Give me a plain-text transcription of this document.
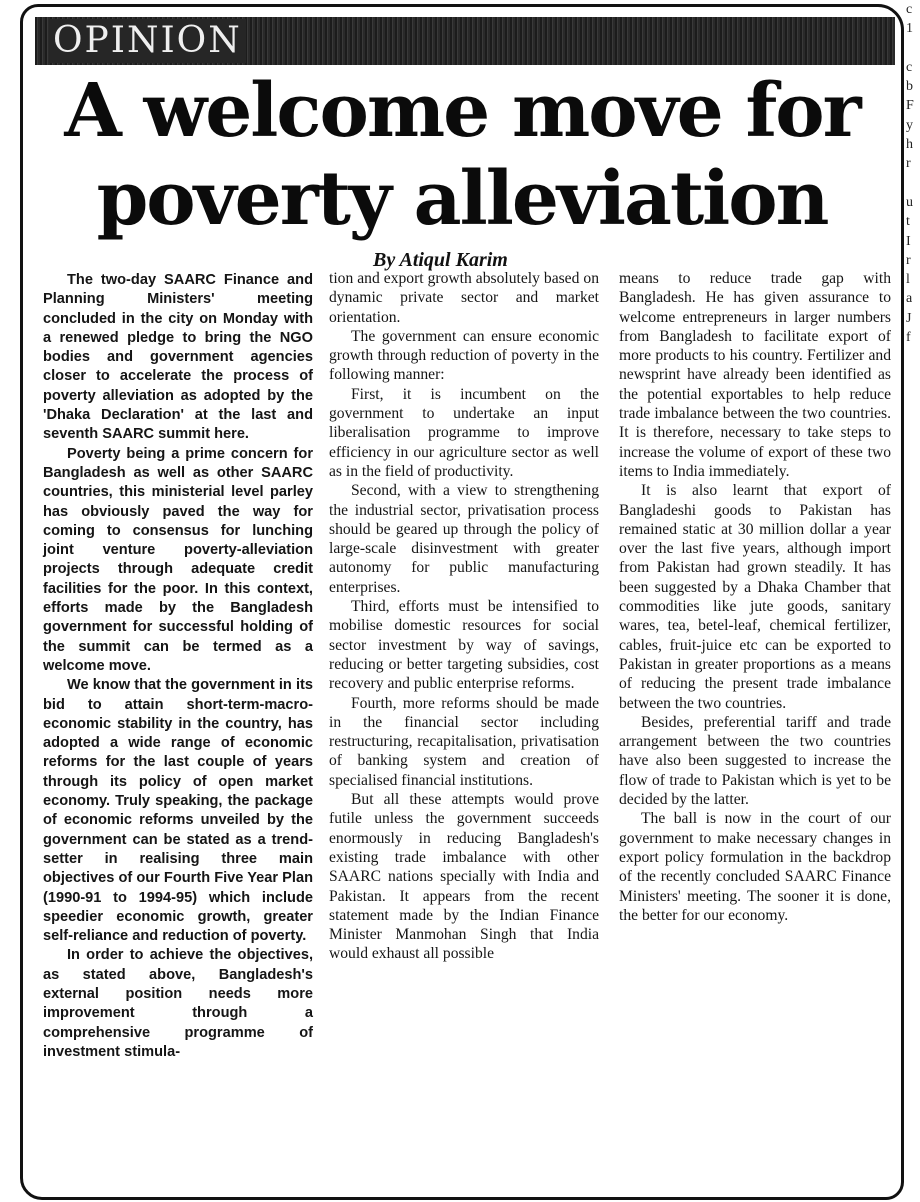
OPINION
A welcome move for
poverty alleviation
By Atiqul Karim

The two-day SAARC Finance and Planning Ministers' meeting concluded in the city on Monday with a renewed pledge to bring the NGO bodies and government agencies closer to accelerate the process of poverty alleviation as adopted by the 'Dhaka Declaration' at the last and seventh SAARC summit here.

Poverty being a prime concern for Bangladesh as well as other SAARC countries, this ministerial level parley has obviously paved the way for coming to consensus for lunching joint venture poverty-alleviation projects through adequate credit facilities for the poor. In this context, efforts made by the Bangladesh government for successful holding of the summit can be termed as a welcome move.

We know that the government in its bid to attain short-term-macro-economic stability in the country, has adopted a wide range of economic reforms for the last couple of years through its policy of open market economy. Truly speaking, the package of economic reforms unveiled by the government can be stated as a trend-setter in realising three main objectives of our Fourth Five Year Plan (1990-91 to 1994-95) which include speedier economic growth, greater self-reliance and reduction of poverty.

In order to achieve the objectives, as stated above, Bangladesh's external position needs more improvement through a comprehensive programme of investment stimula-

tion and export growth absolutely based on dynamic private sector and market orientation.

The government can ensure economic growth through reduction of poverty in the following manner:

First, it is incumbent on the government to undertake an input liberalisation programme to improve efficiency in our agriculture sector as well as in the field of productivity.

Second, with a view to strengthening the industrial sector, privatisation process should be geared up through the policy of large-scale disinvestment with greater autonomy for public manufacturing enterprises.

Third, efforts must be intensified to mobilise domestic resources for social sector investment by way of savings, reducing or better targeting subsidies, cost recovery and public enterprise reforms.

Fourth, more reforms should be made in the financial sector including restructuring, recapitalisation, privatisation of banking system and creation of specialised financial institutions.

But all these attempts would prove futile unless the government succeeds enormously in reducing Bangladesh's existing trade imbalance with other SAARC nations specially with India and Pakistan. It appears from the recent statement made by the Indian Finance Minister Manmohan Singh that India would exhaust all possible

means to reduce trade gap with Bangladesh. He has given assurance to welcome entrepreneurs in larger numbers from Bangladesh to facilitate export of more products to his country. Fertilizer and newsprint have already been identified as the potential exportables to help reduce trade imbalance between the two countries. It is therefore, necessary to take steps to increase the volume of export of these two items to India immediately.

It is also learnt that export of Bangladeshi goods to Pakistan has remained static at 30 million dollar a year over the last five years, although import from Pakistan had grown steadily. It has been suggested by a Dhaka Chamber that commodities like jute goods, sanitary wares, tea, betel-leaf, chemical fertilizer, cables, fruit-juice etc can be exported to Pakistan in greater proportions as a means of reducing the present trade imbalance between the two countries.

Besides, preferential tariff and trade arrangement between the two countries have also been suggested to increase the flow of trade to Pakistan which is yet to be decided by the latter.

The ball is now in the court of our government to make necessary changes in export policy formulation in the backdrop of the recently concluded SAARC Finance Ministers' meeting. The sooner it is done, the better for our economy.

c
1

c
b
F
y
h
r

u
t
I
r
l
a
J
f
